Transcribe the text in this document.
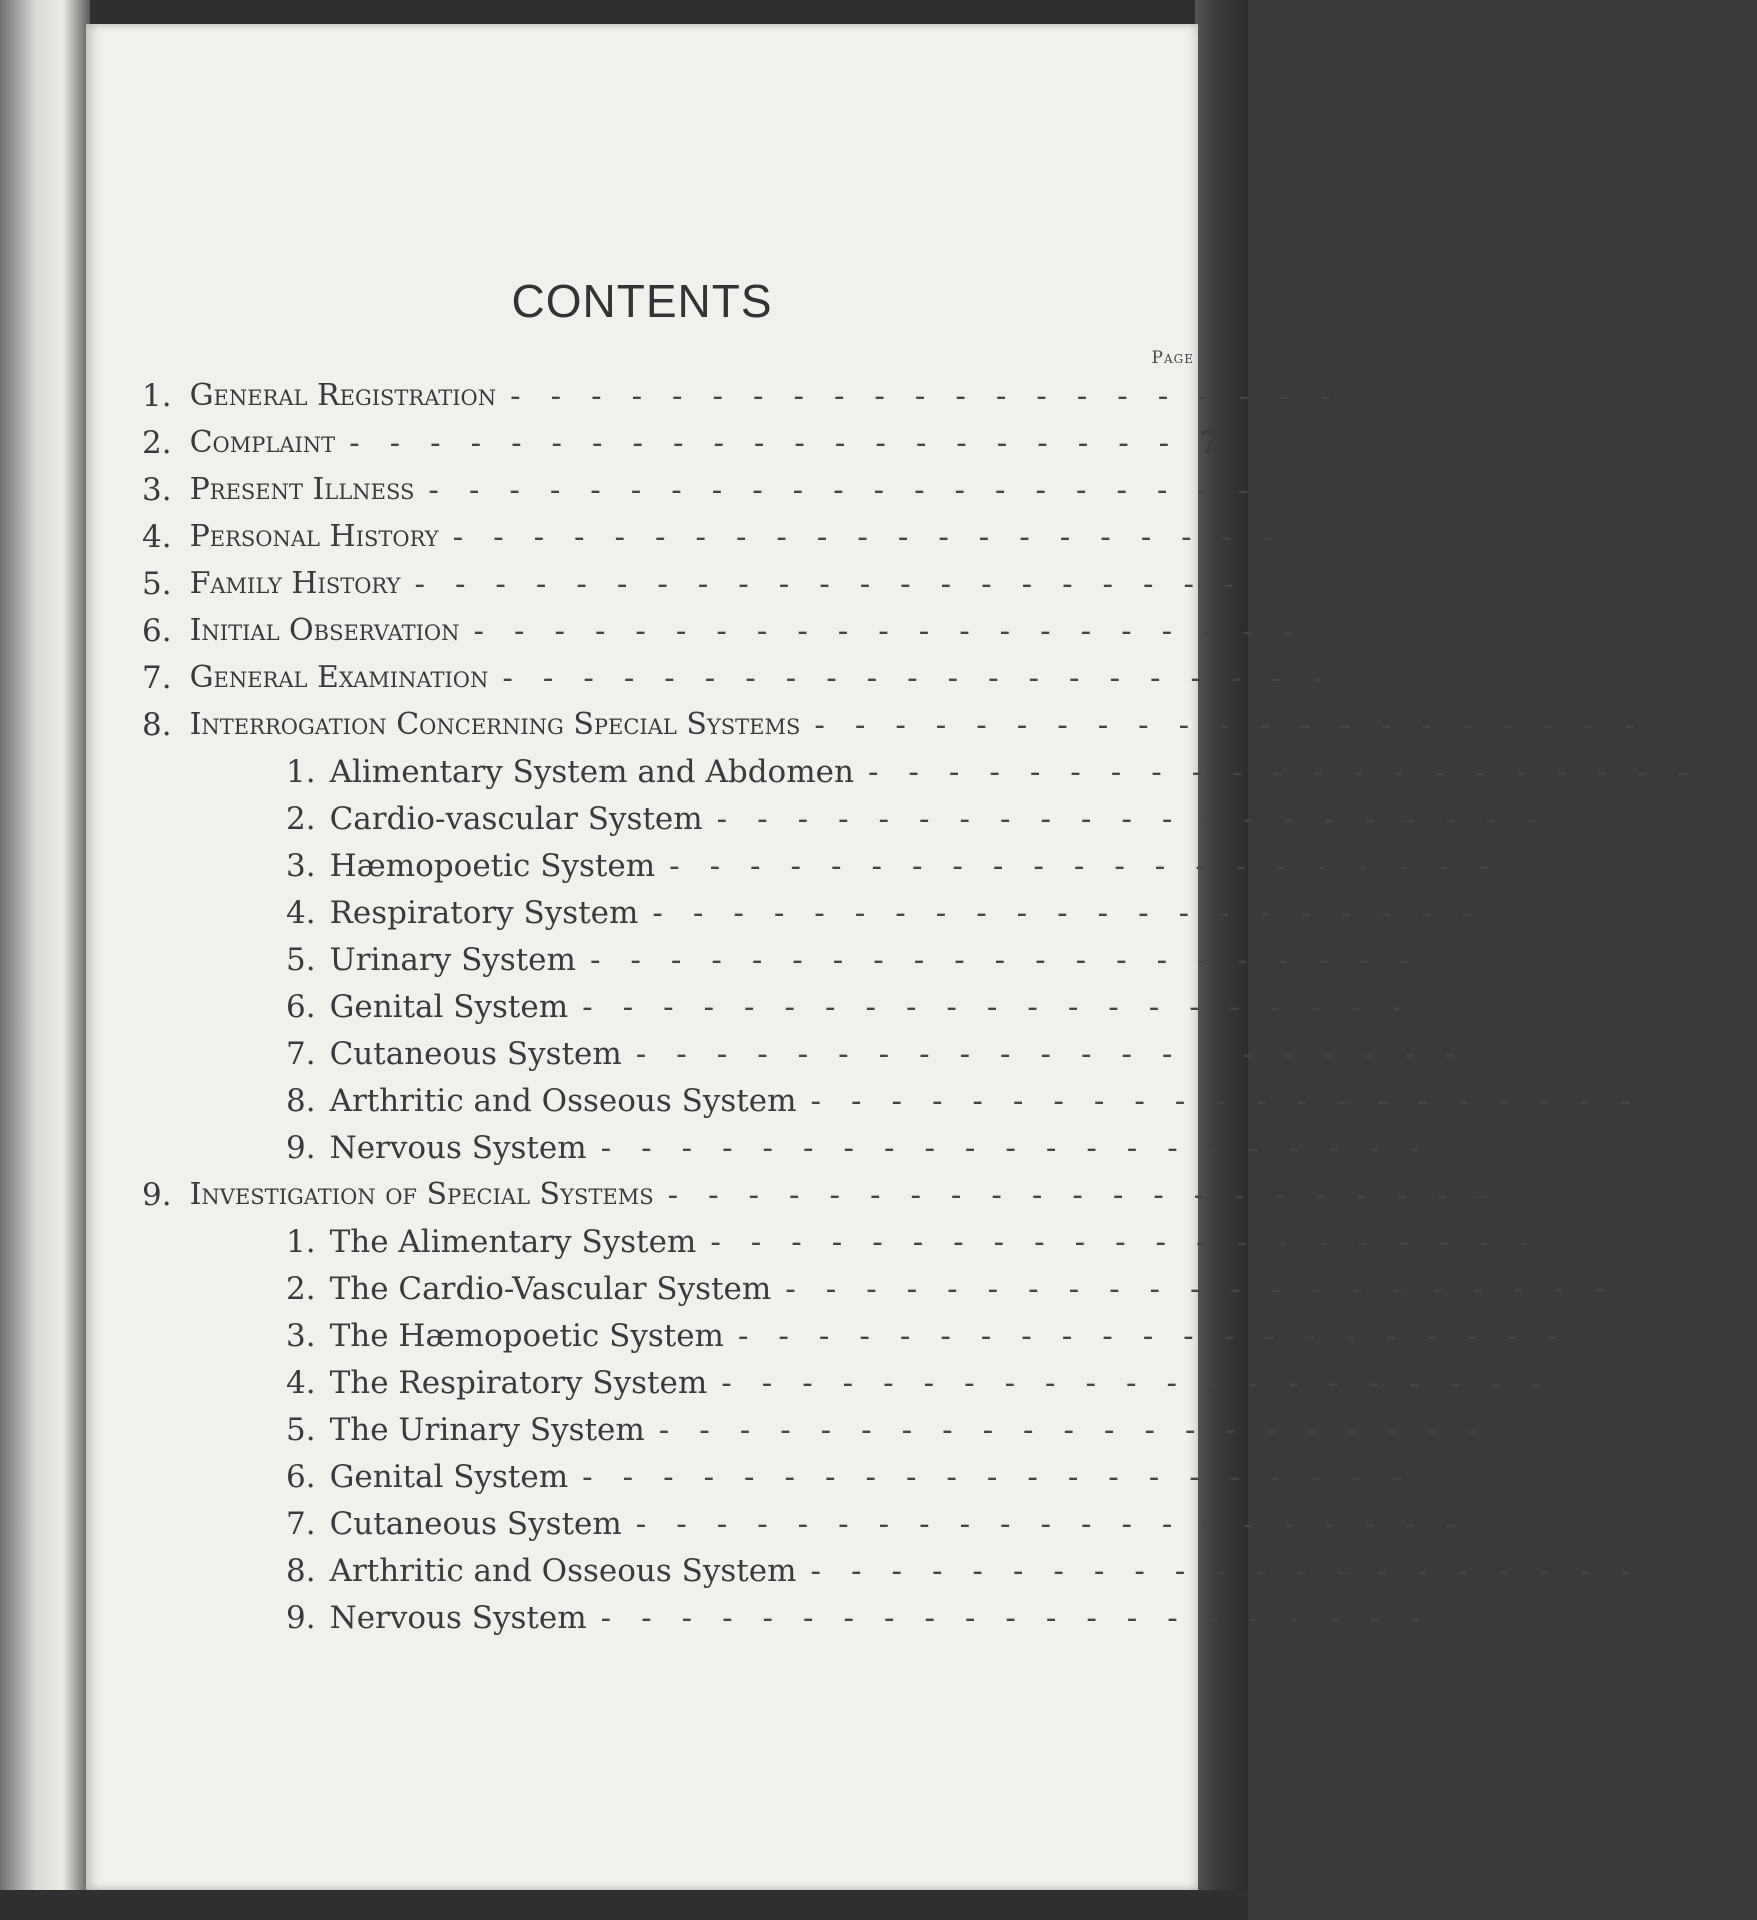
CONTENTS
Page
1. General Registration --------------------- 7
2. Complaint --------------------- 7
3. Present Illness --------------------- 7
4. Personal History --------------------- 9
5. Family History --------------------- 11
6. Initial Observation --------------------- 11
7. General Examination --------------------- 17
8. Interrogation Concerning Special Systems --------------------- 21
1. Alimentary System and Abdomen --------------------- 21
2. Cardio-vascular System --------------------- 21
3. Hæmopoetic System --------------------- 23
4. Respiratory System --------------------- 25
5. Urinary System --------------------- 25
6. Genital System --------------------- 27
7. Cutaneous System --------------------- 29
8. Arthritic and Osseous System --------------------- 29
9. Nervous System --------------------- 31
9. Investigation of Special Systems --------------------- 33
1. The Alimentary System --------------------- 33
2. The Cardio-Vascular System --------------------- 35
3. The Hæmopoetic System --------------------- 37
4. The Respiratory System --------------------- 39
5. The Urinary System --------------------- 41
6. Genital System --------------------- 45
7. Cutaneous System --------------------- 47
8. Arthritic and Osseous System --------------------- 49
9. Nervous System --------------------- 49
